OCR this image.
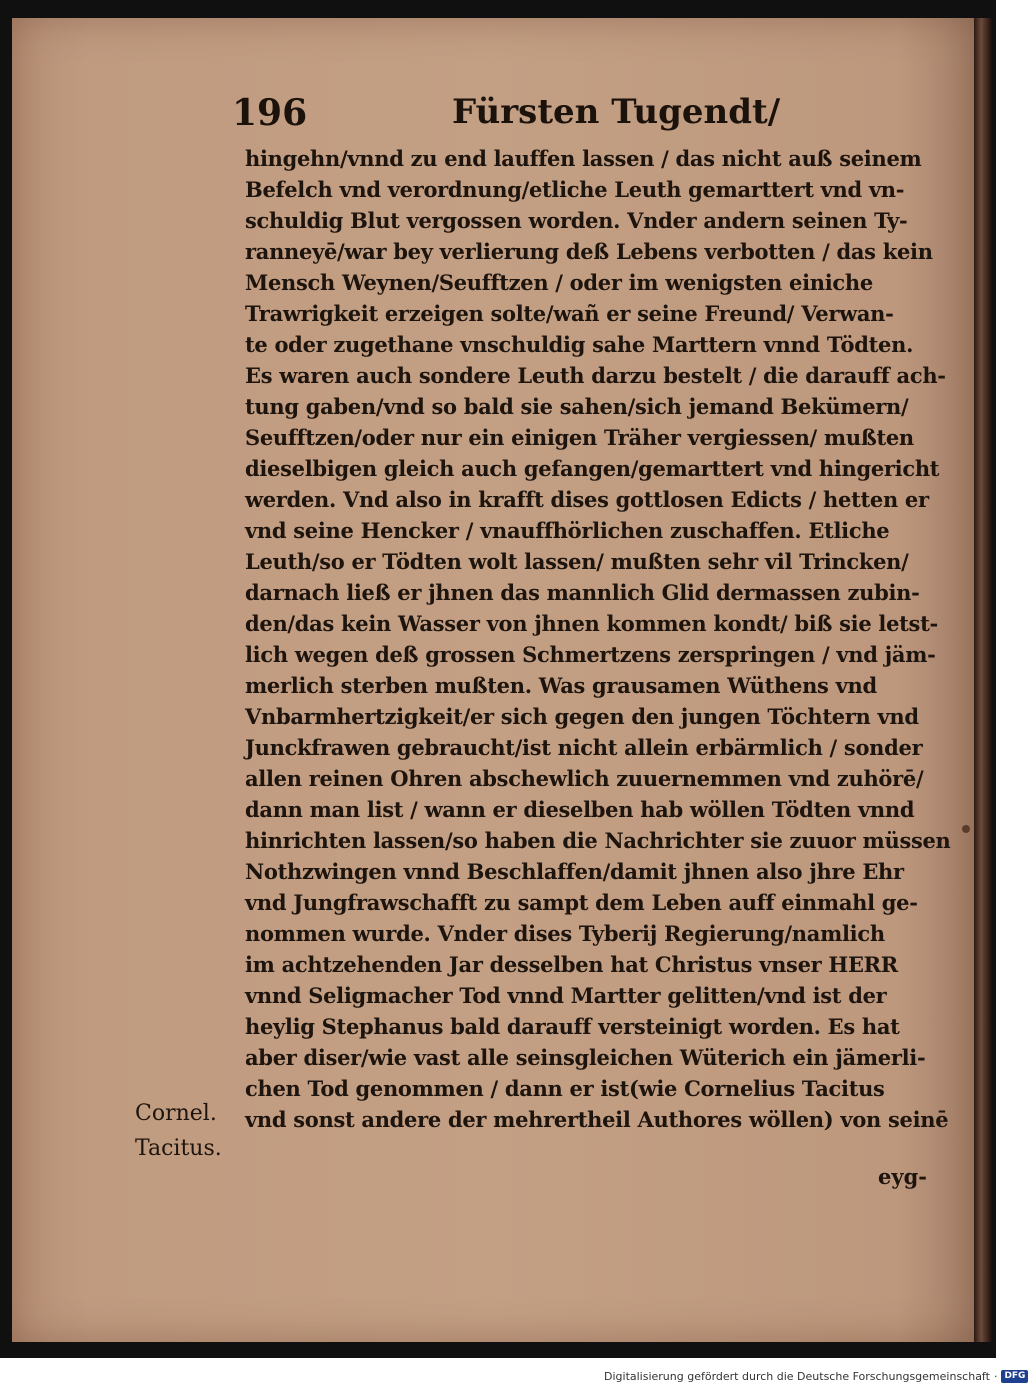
196	Fürsten Tugendt/
hingehn/vnnd zu end lauffen lassen / das nicht auß seinem
Befelch vnd verordnung/etliche Leuth gemarttert vnd vn-
schuldig Blut vergossen worden. Vnder andern seinen Ty-
ranneyē/war bey verlierung deß Lebens verbotten / das kein
Mensch Weynen/Seufftzen / oder im wenigsten einiche
Trawrigkeit erzeigen solte/wañ er seine Freund/ Verwan-
te oder zugethane vnschuldig sahe Marttern vnnd Tödten.
Es waren auch sondere Leuth darzu bestelt / die darauff ach-
tung gaben/vnd so bald sie sahen/sich jemand Bekümern/
Seufftzen/oder nur ein einigen Träher vergiessen/ mußten
dieselbigen gleich auch gefangen/gemarttert vnd hingericht
werden. Vnd also in krafft dises gottlosen Edicts / hetten er
vnd seine Hencker / vnauffhörlichen zuschaffen. Etliche
Leuth/so er Tödten wolt lassen/ mußten sehr vil Trincken/
darnach ließ er jhnen das mannlich Glid dermassen zubin-
den/das kein Wasser von jhnen kommen kondt/ biß sie letst-
lich wegen deß grossen Schmertzens zerspringen / vnd jäm-
merlich sterben mußten. Was grausamen Wüthens vnd
Vnbarmhertzigkeit/er sich gegen den jungen Töchtern vnd
Junckfrawen gebraucht/ist nicht allein erbärmlich / sonder
allen reinen Ohren abschewlich zuuernemmen vnd zuhörē/
dann man list / wann er dieselben hab wöllen Tödten vnnd
hinrichten lassen/so haben die Nachrichter sie zuuor müssen
Nothzwingen vnnd Beschlaffen/damit jhnen also jhre Ehr
vnd Jungfrawschafft zu sampt dem Leben auff einmahl ge-
nommen wurde. Vnder dises Tyberij Regierung/namlich
im achtzehenden Jar desselben hat Christus vnser HERR
vnnd Seligmacher Tod vnnd Martter gelitten/vnd ist der
heylig Stephanus bald darauff versteinigt worden. Es hat
aber diser/wie vast alle seinsgleichen Wüterich ein jämerli-
chen Tod genommen / dann er ist(wie Cornelius Tacitus
vnd sonst andere der mehrertheil Authores wöllen) von seinē
Cornel.
Tacitus.
eyg-
Digitalisierung gefördert durch die Deutsche Forschungsgemeinschaft · DFG
